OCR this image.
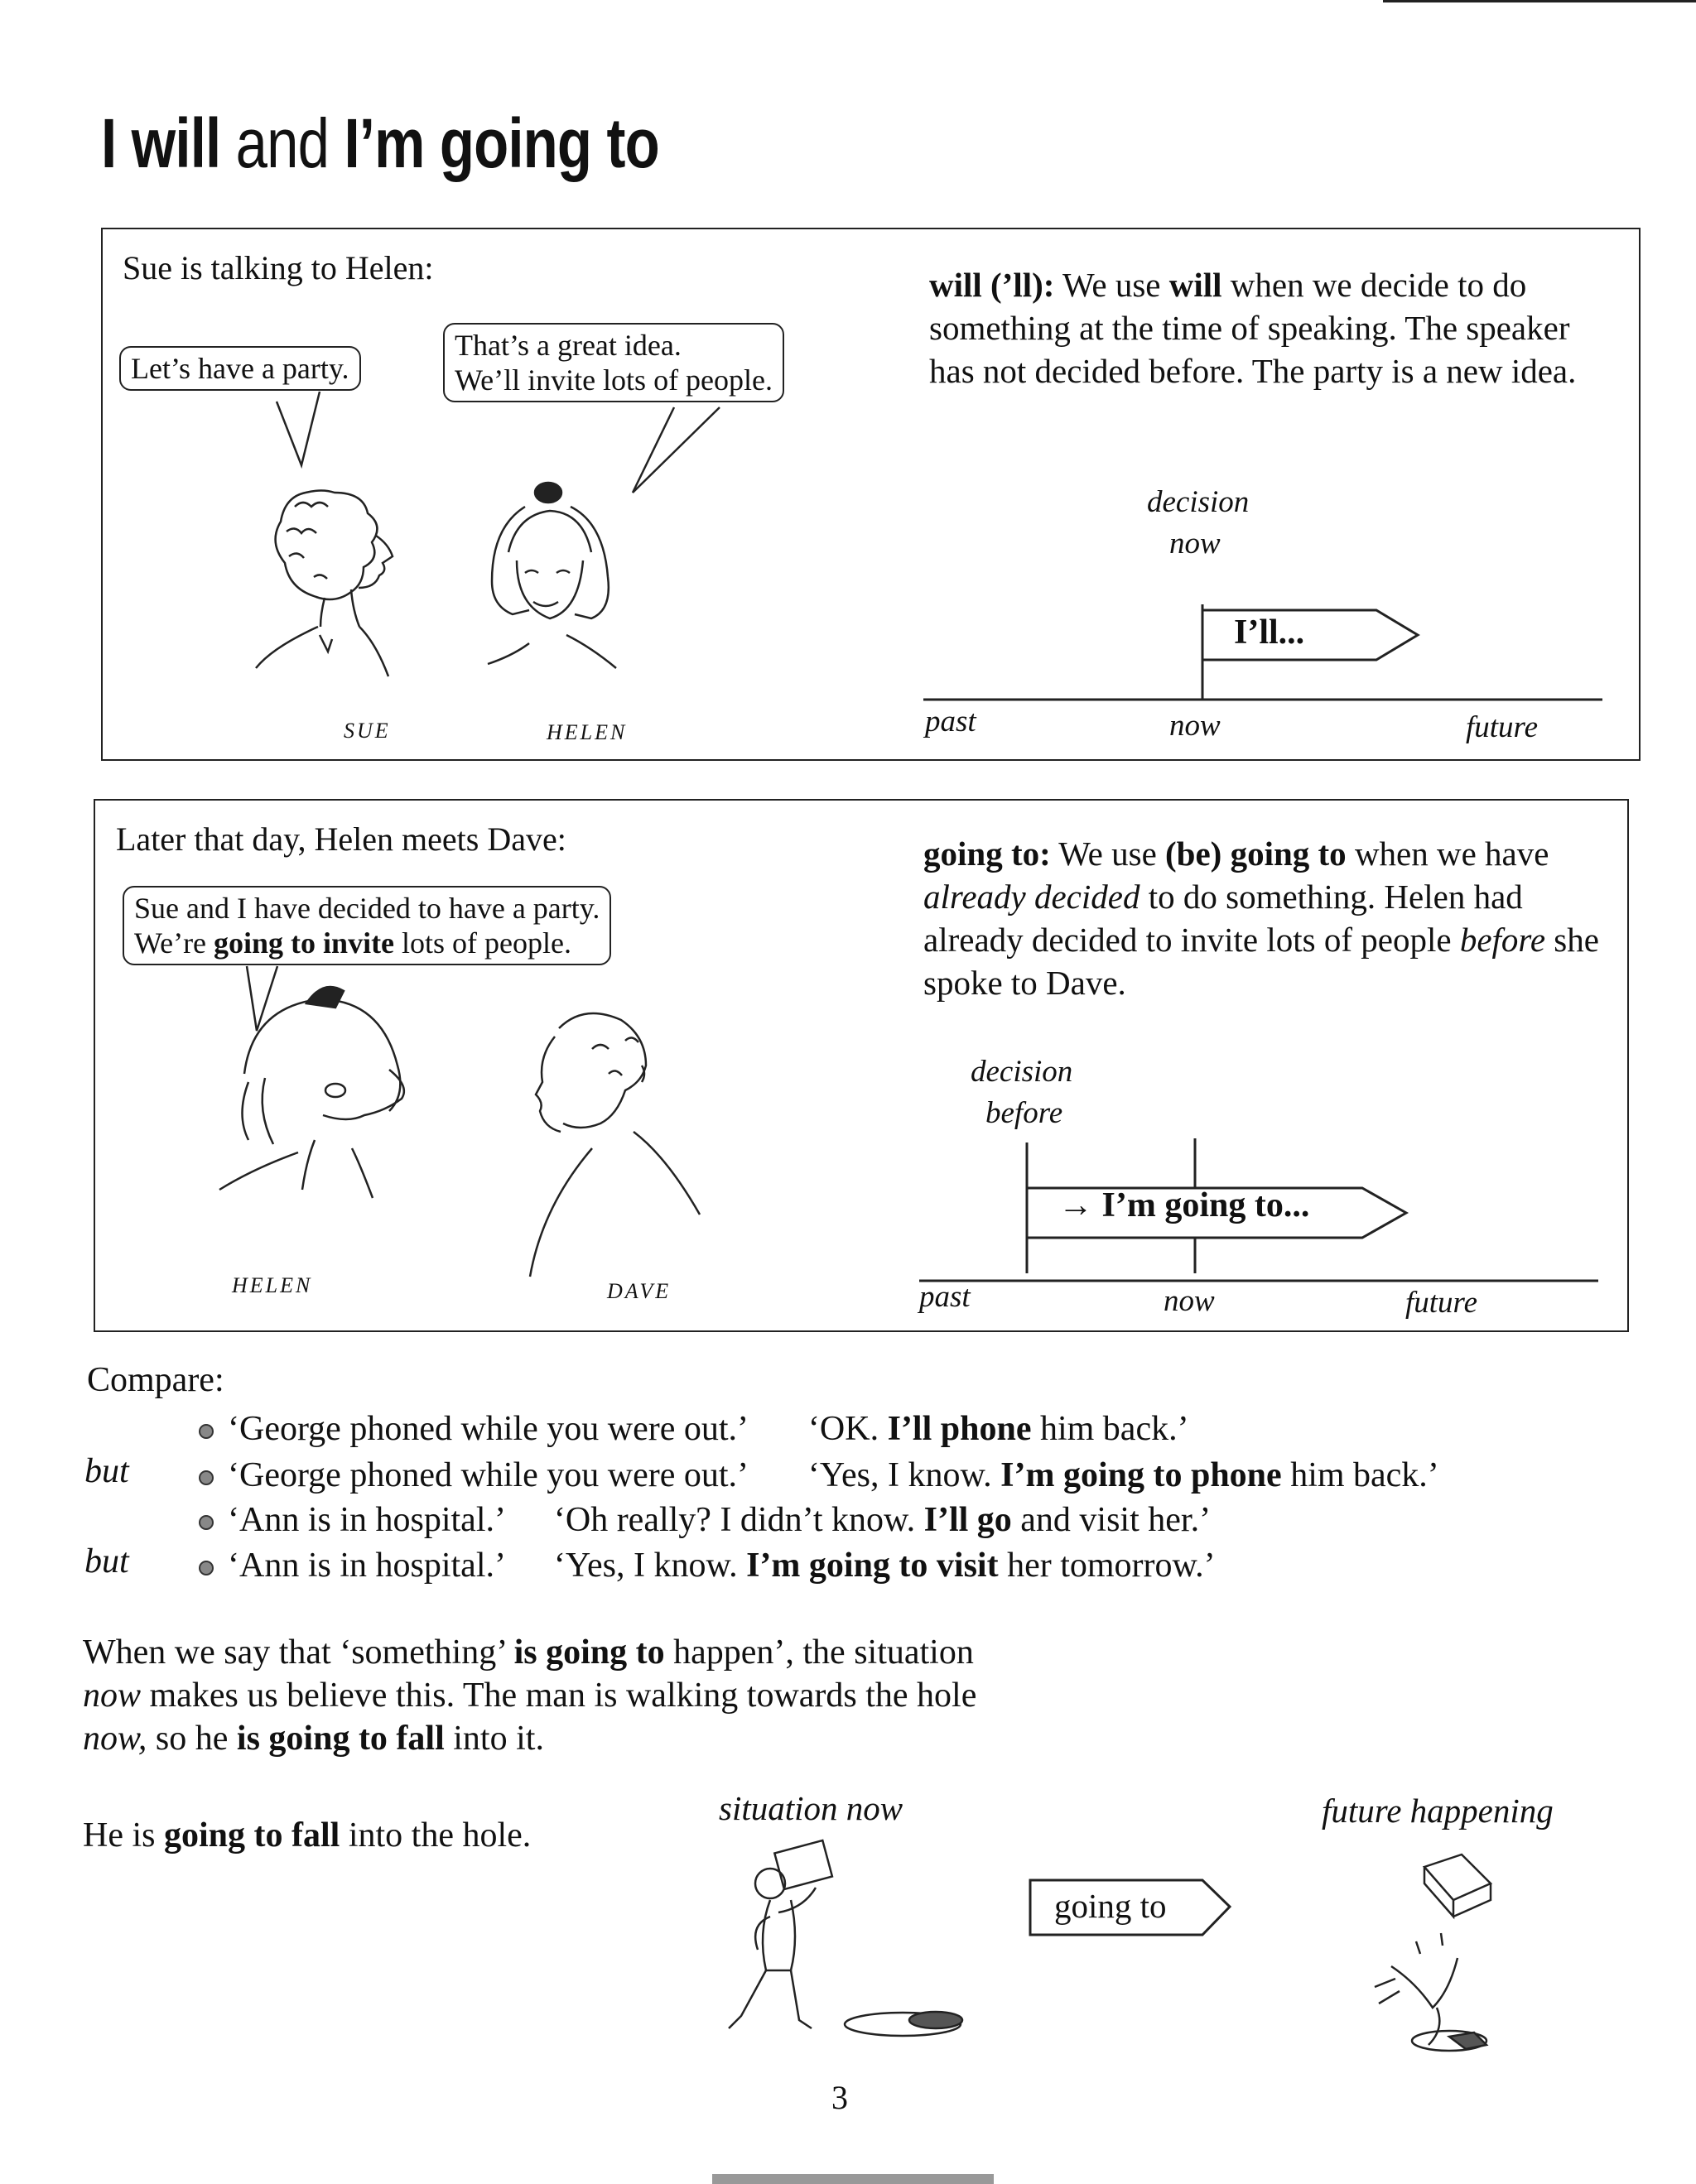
I will and I’m going to
Sue is talking to Helen:
Let’s have a party.
That’s a great idea.
We’ll invite lots of people.
SUE	HELEN
will (’ll): We use will when we decide to do something at the time of speaking. The speaker has not decided before. The party is a new idea.
I’ll...
decision
now
past	now	future
Later that day, Helen meets Dave:
Sue and I have decided to have a party.
We’re going to invite lots of people.
HELEN	DAVE
going to: We use (be) going to when we have already decided to do something. Helen had already decided to invite lots of people before she spoke to Dave.
→ I’m going to...
decision
before
past	now	future
Compare:
‘George phoned while you were out.’ ‘OK. I’ll phone him back.’
but	‘George phoned while you were out.’ ‘Yes, I know. I’m going to phone him back.’
‘Ann is in hospital.’ ‘Oh really? I didn’t know. I’ll go and visit her.’
but	‘Ann is in hospital.’ ‘Yes, I know. I’m going to visit her tomorrow.’
When we say that ‘something’ is going to happen’, the situation now makes us believe this. The man is walking towards the hole now, so he is going to fall into it.
He is going to fall into the hole.
situation now	future happening
going to
3
